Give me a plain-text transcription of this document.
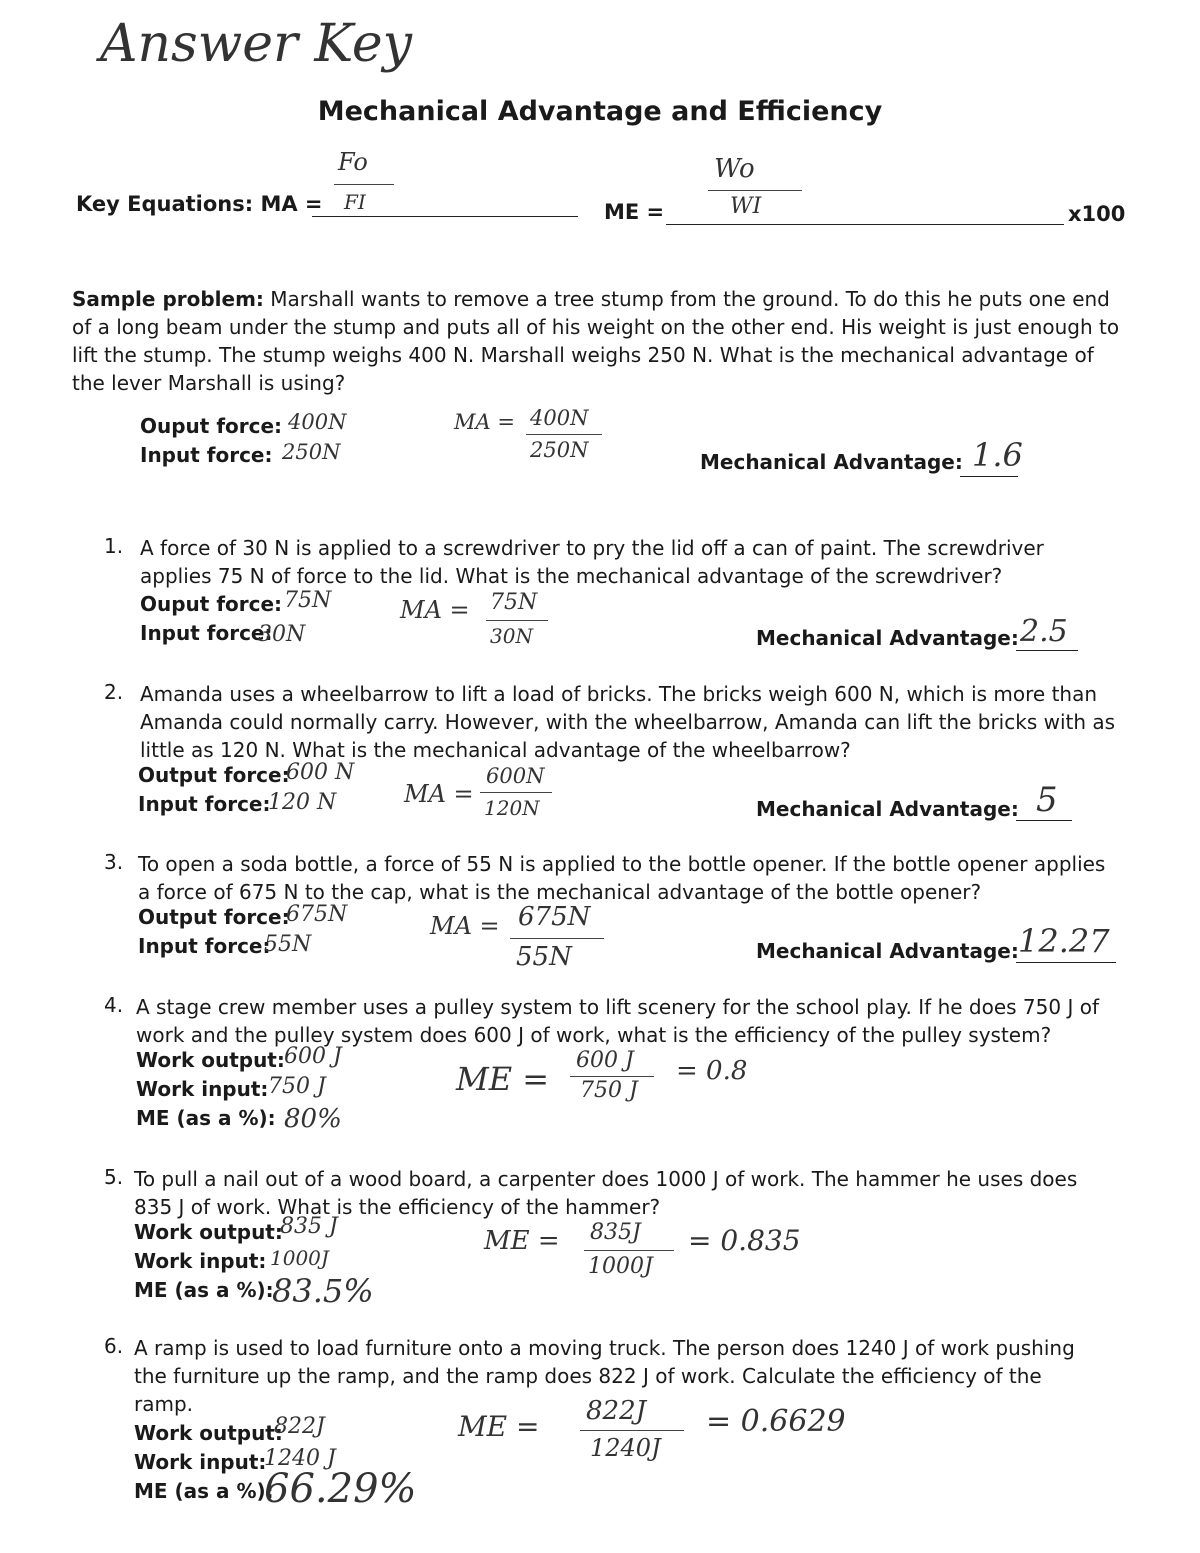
Answer Key
Mechanical Advantage and Efficiency
Key Equations: MA =
Fo
FI	ME =
Wo
WI	x100
Sample problem: Marshall wants to remove a tree stump from the ground. To do this he puts one end of a long beam under the stump and puts all of his weight on the other end. His weight is just enough to lift the stump. The stump weighs 400 N. Marshall weighs 250 N. What is the mechanical advantage of the lever Marshall is using?
Ouput force: 400N
Input force: 250N
MA = 400N
250N	Mechanical Advantage: 1.6
1. A force of 30 N is applied to a screwdriver to pry the lid off a can of paint. The screwdriver applies 75 N of force to the lid. What is the mechanical advantage of the screwdriver?
Ouput force: 75N
Input force:
30N
MA = 75N
30N	Mechanical Advantage: 2.5
2. Amanda uses a wheelbarrow to lift a load of bricks. The bricks weigh 600 N, which is more than Amanda could normally carry. However, with the wheelbarrow, Amanda can lift the bricks with as little as 120 N. What is the mechanical advantage of the wheelbarrow?
Output force:
600 N
Input force:
120 N	MA =
600N
120N	Mechanical Advantage: 5
3. To open a soda bottle, a force of 55 N is applied to the bottle opener. If the bottle opener applies a force of 675 N to the cap, what is the mechanical advantage of the bottle opener?
Output force:
675N
Input force:
55N
MA = 675N
55N	Mechanical Advantage: 12.27
4. A stage crew member uses a pulley system to lift scenery for the school play. If he does 750 J of work and the pulley system does 600 J of work, what is the efficiency of the pulley system?
Work output: 600 J
Work input: 750 J
ME (as a %): 80%
ME = 600 J
750 J
= 0.8
5. To pull a nail out of a wood board, a carpenter does 1000 J of work. The hammer he uses does 835 J of work. What is the efficiency of the hammer?
Work output:
835 J
Work input: 1000J
ME (as a %):
83.5%
ME = 835J
1000J
= 0.835
6. A ramp is used to load furniture onto a moving truck. The person does 1240 J of work pushing the furniture up the ramp, and the ramp does 822 J of work. Calculate the efficiency of the ramp.
Work output:
822J
Work input:
1240 J
ME (as a %):
66.29%
ME = 822J
1240J
= 0.6629
